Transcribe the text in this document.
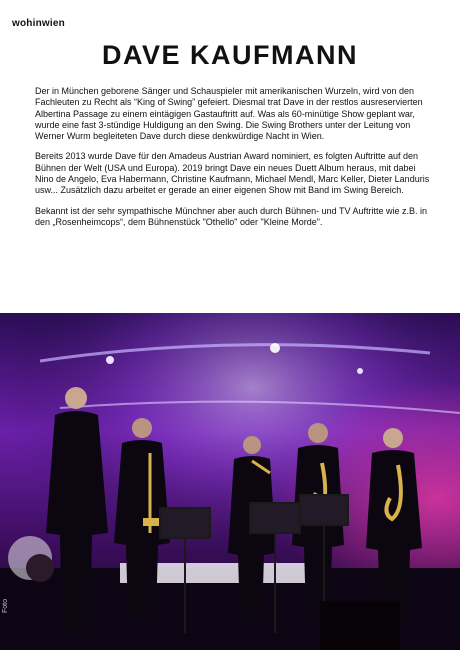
wohinwien
DAVE KAUFMANN

Der in München geborene Sänger und Schauspieler mit amerikanischen Wurzeln, wird von den Fachleuten zu Recht als “King of Swing” gefeiert. Diesmal trat Dave in der restlos ausreservierten Albertina Passage zu einem eintägigen Gastauftritt auf. Was als 60-minütige Show geplant war, wurde eine fast 3-stündige Huldigung an den Swing. Die Swing Brothers unter der Leitung von Werner Wurm begleiteten Dave durch diese denkwürdige Nacht in Wien.

Bereits 2013 wurde Dave für den Amadeus Austrian Award nominiert, es folgten Auftritte auf den Bühnen der Welt (USA und Europa). 2019 bringt Dave ein neues Duett Album heraus, mit dabei Nino de Angelo, Eva Habermann, Christine Kaufmann, Michael Mendl, Marc Keller, Dieter Landuris usw... Zusätzlich dazu arbeitet er gerade an einer eigenen Show mit Band im Swing Bereich.

Bekannt ist der sehr sympathische Münchner aber auch durch Bühnen- und TV Auftritte wie z.B. in den „Rosenheimcops“, dem Bühnenstück "Othello" oder "Kleine Morde".

Foto
